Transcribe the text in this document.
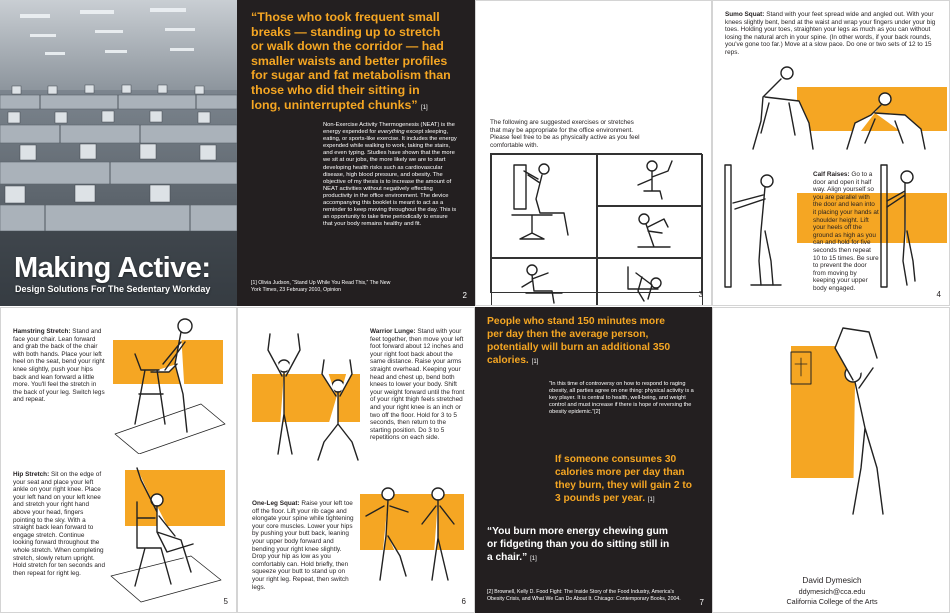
Making Active:
Design Solutions For The Sedentary Workday
“Those who took frequent small breaks — standing up to stretch or walk down the corridor — had smaller waists and better profiles for sugar and fat metabolism than those who did their sitting in long, uninterrupted chunks” [1]
Non-Exercise Activity Thermogenesis (NEAT) is the energy expended for everything except sleeping, eating, or sports-like exercise. It includes the energy expended while walking to work, taking the stairs, and even typing. Studies have shown that the more we sit at our jobs, the more likely we are to start developing health risks such as cardiovascular disease, high blood pressure, and obesity. The objective of my thesis is to increase the amount of NEAT activities without negatively effecting productivity in the office environment. The device accompanying this booklet is meant to act as a reminder to keep moving throughout the day. This is an opportunity to take time periodically to ensure that your body remains healthy and fit.
[1] Olivia Judson, “Stand Up While You Read This,” The New York Times, 23 February 2010, Opinion
2
The following are suggested exercises or stretches that may be appropriate for the office environment. Please feel free to be as physically active as you feel comfortable with.
3
Sumo Squat: Stand with your feet spread wide and angled out. With your knees slightly bent, bend at the waist and wrap your fingers under your big toes. Holding your toes, straighten your legs as much as you can without losing the natural arch in your spine. (In other words, if your back rounds, you've gone too far.) Move at a slow pace. Do one or two sets of 12 to 15 reps.
Calf Raises: Go to a door and open it half way. Align yourself so you are parallel with the door and lean into it placing your hands at shoulder height. Lift your heels off the ground as high as you can and hold for five seconds then repeat 10 to 15 times. Be sure to prevent the door from moving by keeping your upper body engaged.
4
Hamstring Stretch: Stand and face your chair. Lean forward and grab the back of the chair with both hands. Place your left heel on the seat, bend your right knee slightly, push your hips back and lean forward a little more. You'll feel the stretch in the back of your leg. Switch legs and repeat.
Hip Stretch: Sit on the edge of your seat and place your left ankle on your right knee. Place your left hand on your left knee and stretch your right hand above your head, fingers pointing to the sky. With a straight back lean forward to engage stretch. Continue looking forward throughout the whole stretch. When completing stretch, slowly return upright. Hold stretch for ten seconds and then repeat for right leg.
5
Warrior Lunge: Stand with your feet together, then move your left foot forward about 12 inches and your right foot back about the same distance. Raise your arms straight overhead. Keeping your head and chest up, bend both knees to lower your body. Shift your weight forward until the front of your right thigh feels stretched and your right knee is an inch or two off the floor. Hold for 3 to 5 seconds, then return to the starting position. Do 3 to 5 repetitions on each side.
One-Leg Squat: Raise your left toe off the floor. Lift your rib cage and elongate your spine while tightening your core muscles. Lower your hips by pushing your butt back, leaning your upper body forward and bending your right knee slightly. Drop your hip as low as you comfortably can. Hold briefly, then squeeze your butt to stand up on your right leg. Repeat, then switch legs.
6
People who stand 150 minutes more per day then the average person, potentially will burn an additional 350 calories. [1]
“In this time of controversy on how to respond to raging obesity, all parties agree on one thing: physical activity is a key player. It is central to health, well-being, and weight control and must increase if there is hope of reversing the obesity epidemic.”[2]
If someone consumes 30 calories more per day than they burn, they will gain 2 to 3 pounds per year. [1]
“You burn more energy chewing gum or fidgeting than you do sitting still in a chair.” [1]
[2] Brownell, Kelly D. Food Fight: The Inside Story of the Food Industry, America's Obesity Crisis, and What We Can Do About It. Chicago: Contemporary Books, 2004.	7
David Dymesich
ddymesich@cca.edu
California College of the Arts
